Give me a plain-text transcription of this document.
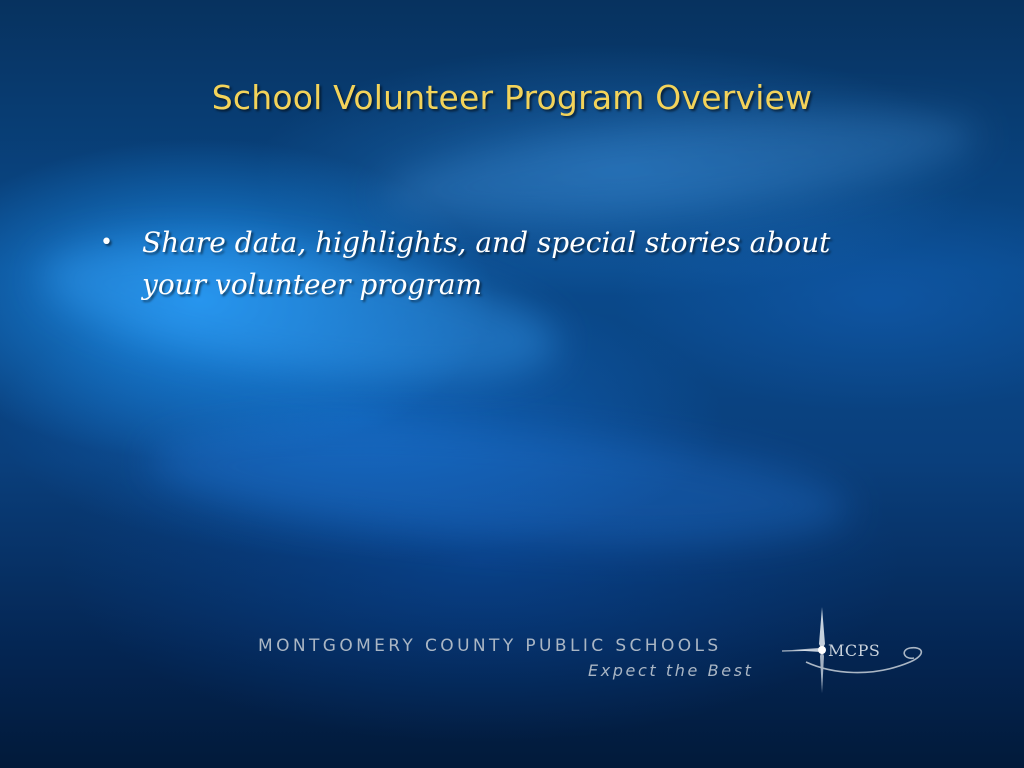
School Volunteer Program Overview
• Share data, highlights, and special stories about your volunteer program
MONTGOMERY COUNTY PUBLIC SCHOOLS
Expect the Best
MCPS
